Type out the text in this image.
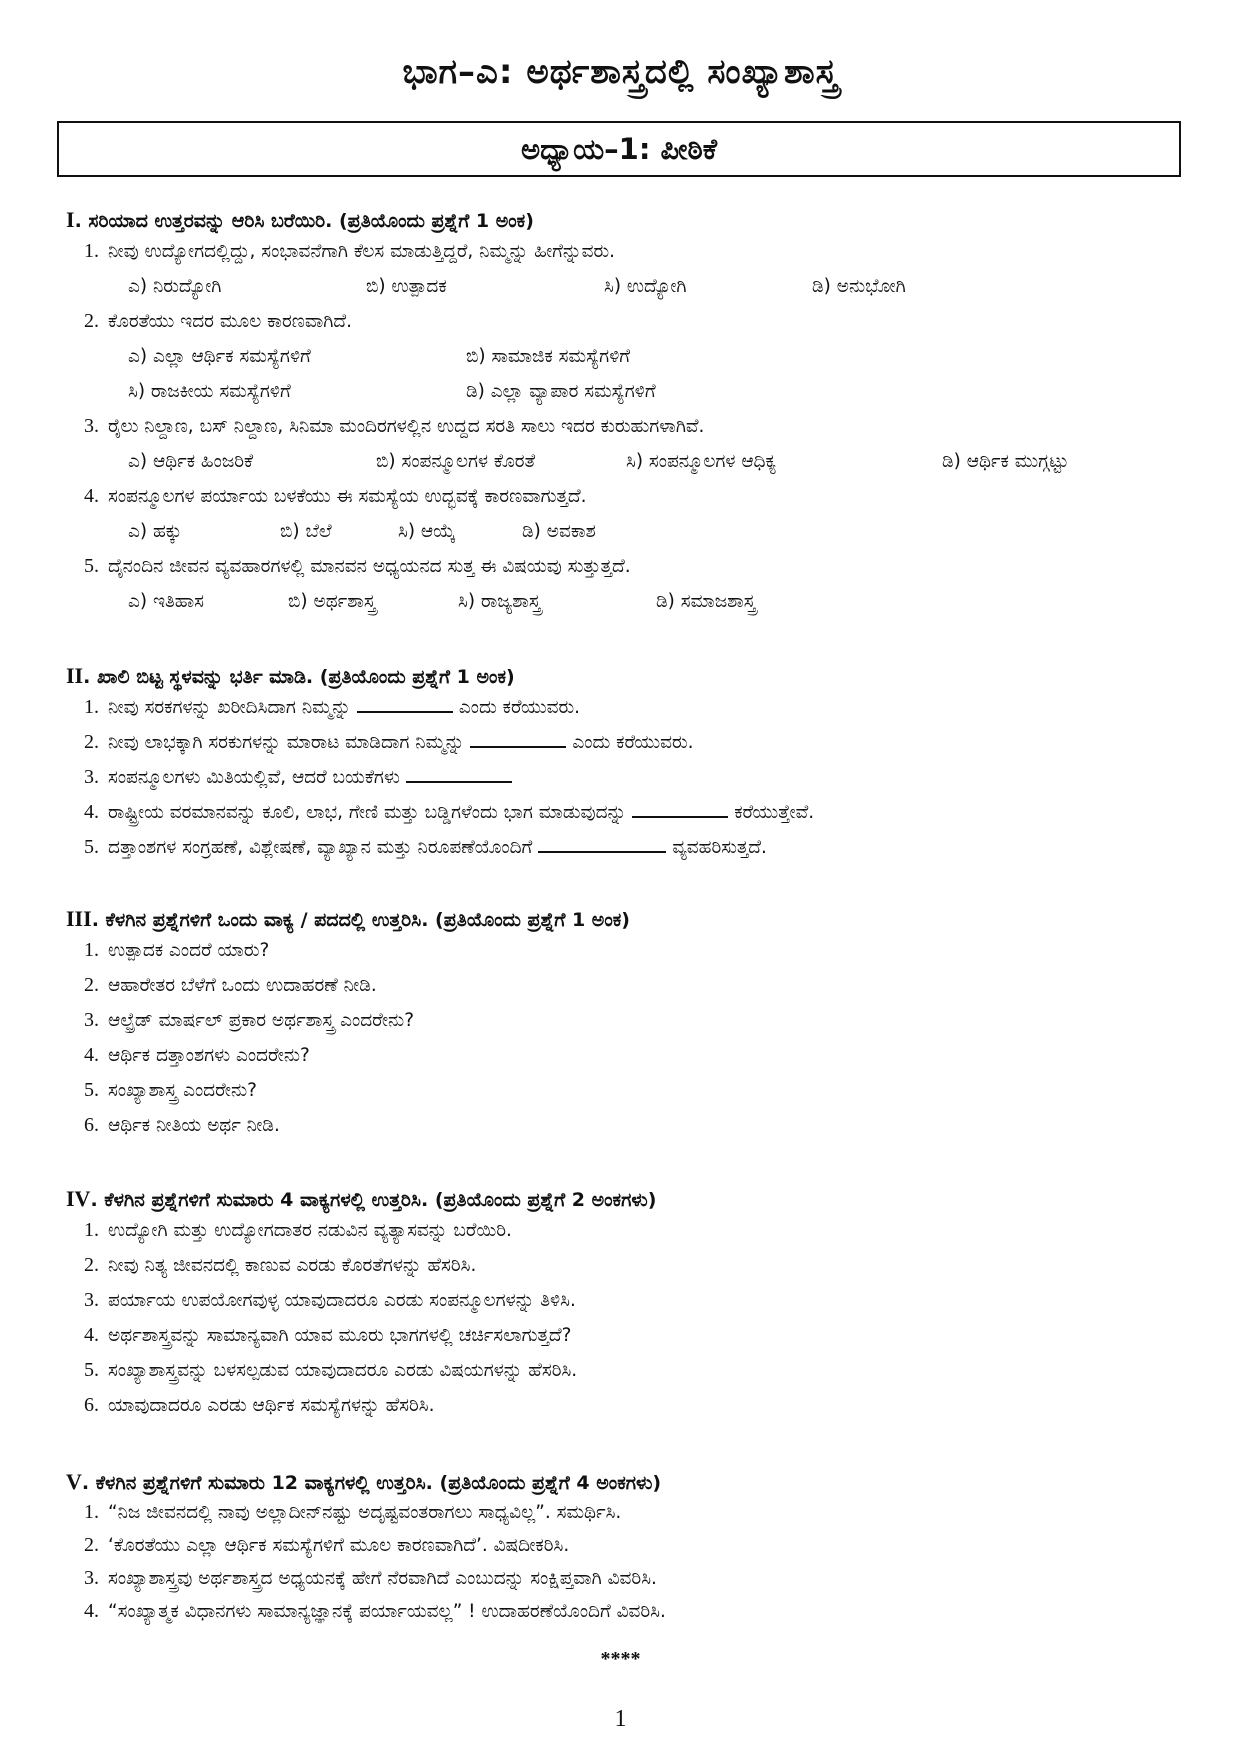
ಭಾಗ–ಎ: ಅರ್ಥಶಾಸ್ತ್ರದಲ್ಲಿ ಸಂಖ್ಯಾಶಾಸ್ತ್ರ
ಅಧ್ಯಾಯ–1: ಪೀಠಿಕೆ
I. ಸರಿಯಾದ ಉತ್ತರವನ್ನು ಆರಿಸಿ ಬರೆಯಿರಿ. (ಪ್ರತಿಯೊಂದು ಪ್ರಶ್ನೆಗೆ 1 ಅಂಕ)
1. ನೀವು ಉದ್ಯೋಗದಲ್ಲಿದ್ದು, ಸಂಭಾವನೆಗಾಗಿ ಕೆಲಸ ಮಾಡುತ್ತಿದ್ದರೆ, ನಿಮ್ಮನ್ನು ಹೀಗೆನ್ನುವರು.
ಎ) ನಿರುದ್ಯೋಗಿ	ಬಿ) ಉತ್ಪಾದಕ	ಸಿ) ಉದ್ಯೋಗಿ	ಡಿ) ಅನುಭೋಗಿ
2. ಕೊರತೆಯು ಇದರ ಮೂಲ ಕಾರಣವಾಗಿದೆ.
ಎ) ಎಲ್ಲಾ ಆರ್ಥಿಕ ಸಮಸ್ಯೆಗಳಿಗೆ	ಬಿ) ಸಾಮಾಜಿಕ ಸಮಸ್ಯೆಗಳಿಗೆ
ಸಿ) ರಾಜಕೀಯ ಸಮಸ್ಯೆಗಳಿಗೆ	ಡಿ) ಎಲ್ಲಾ ವ್ಯಾಪಾರ ಸಮಸ್ಯೆಗಳಿಗೆ
3. ರೈಲು ನಿಲ್ದಾಣ, ಬಸ್ ನಿಲ್ದಾಣ, ಸಿನಿಮಾ ಮಂದಿರಗಳಲ್ಲಿನ ಉದ್ದದ ಸರತಿ ಸಾಲು ಇದರ ಕುರುಹುಗಳಾಗಿವೆ.
ಎ) ಆರ್ಥಿಕ ಹಿಂಜರಿಕೆ	ಬಿ) ಸಂಪನ್ಮೂಲಗಳ ಕೊರತೆ	ಸಿ) ಸಂಪನ್ಮೂಲಗಳ ಆಧಿಕ್ಯ	ಡಿ) ಆರ್ಥಿಕ ಮುಗ್ಗಟ್ಟು
4. ಸಂಪನ್ಮೂಲಗಳ ಪರ್ಯಾಯ ಬಳಕೆಯು ಈ ಸಮಸ್ಯೆಯ ಉದ್ಭವಕ್ಕೆ ಕಾರಣವಾಗುತ್ತದೆ.
ಎ) ಹಕ್ಕು	ಬಿ) ಬೆಲೆ	ಸಿ) ಆಯ್ಕೆ	ಡಿ) ಅವಕಾಶ
5. ದೈನಂದಿನ ಜೀವನ ವ್ಯವಹಾರಗಳಲ್ಲಿ ಮಾನವನ ಅಧ್ಯಯನದ ಸುತ್ತ ಈ ವಿಷಯವು ಸುತ್ತುತ್ತದೆ.
ಎ) ಇತಿಹಾಸ	ಬಿ) ಅರ್ಥಶಾಸ್ತ್ರ	ಸಿ) ರಾಜ್ಯಶಾಸ್ತ್ರ	ಡಿ) ಸಮಾಜಶಾಸ್ತ್ರ
II. ಖಾಲಿ ಬಿಟ್ಟ ಸ್ಥಳವನ್ನು ಭರ್ತಿ ಮಾಡಿ. (ಪ್ರತಿಯೊಂದು ಪ್ರಶ್ನೆಗೆ 1 ಅಂಕ)
1. ನೀವು ಸರಕಗಳನ್ನು ಖರೀದಿಸಿದಾಗ ನಿಮ್ಮನ್ನು	ಎಂದು ಕರೆಯುವರು.
2. ನೀವು ಲಾಭಕ್ಕಾಗಿ ಸರಕುಗಳನ್ನು ಮಾರಾಟ ಮಾಡಿದಾಗ ನಿಮ್ಮನ್ನು	ಎಂದು ಕರೆಯುವರು.
3. ಸಂಪನ್ಮೂಲಗಳು ಮಿತಿಯಲ್ಲಿವೆ, ಆದರೆ ಬಯಕೆಗಳು
4. ರಾಷ್ಟ್ರೀಯ ವರಮಾನವನ್ನು ಕೂಲಿ, ಲಾಭ, ಗೇಣಿ ಮತ್ತು ಬಡ್ಡಿಗಳೆಂದು ಭಾಗ ಮಾಡುವುದನ್ನು	ಕರೆಯುತ್ತೇವೆ.
5. ದತ್ತಾಂಶಗಳ ಸಂಗ್ರಹಣೆ, ವಿಶ್ಲೇಷಣೆ, ವ್ಯಾಖ್ಯಾನ ಮತ್ತು ನಿರೂಪಣೆಯೊಂದಿಗೆ	ವ್ಯವಹರಿಸುತ್ತದೆ.
III. ಕೆಳಗಿನ ಪ್ರಶ್ನೆಗಳಿಗೆ ಒಂದು ವಾಕ್ಯ / ಪದದಲ್ಲಿ ಉತ್ತರಿಸಿ. (ಪ್ರತಿಯೊಂದು ಪ್ರಶ್ನೆಗೆ 1 ಅಂಕ)
1. ಉತ್ಪಾದಕ ಎಂದರೆ ಯಾರು?
2. ಆಹಾರೇತರ ಬೆಳೆಗೆ ಒಂದು ಉದಾಹರಣೆ ನೀಡಿ.
3. ಆಲ್ಫ್ರೆಡ್ ಮಾರ್ಷಲ್ ಪ್ರಕಾರ ಅರ್ಥಶಾಸ್ತ್ರ ಎಂದರೇನು?
4. ಆರ್ಥಿಕ ದತ್ತಾಂಶಗಳು ಎಂದರೇನು?
5. ಸಂಖ್ಯಾಶಾಸ್ತ್ರ ಎಂದರೇನು?
6. ಆರ್ಥಿಕ ನೀತಿಯ ಅರ್ಥ ನೀಡಿ.
IV. ಕೆಳಗಿನ ಪ್ರಶ್ನೆಗಳಿಗೆ ಸುಮಾರು 4 ವಾಕ್ಯಗಳಲ್ಲಿ ಉತ್ತರಿಸಿ. (ಪ್ರತಿಯೊಂದು ಪ್ರಶ್ನೆಗೆ 2 ಅಂಕಗಳು)
1. ಉದ್ಯೋಗಿ ಮತ್ತು ಉದ್ಯೋಗದಾತರ ನಡುವಿನ ವ್ಯತ್ಯಾಸವನ್ನು ಬರೆಯಿರಿ.
2. ನೀವು ನಿತ್ಯ ಜೀವನದಲ್ಲಿ ಕಾಣುವ ಎರಡು ಕೊರತೆಗಳನ್ನು ಹೆಸರಿಸಿ.
3. ಪರ್ಯಾಯ ಉಪಯೋಗವುಳ್ಳ ಯಾವುದಾದರೂ ಎರಡು ಸಂಪನ್ಮೂಲಗಳನ್ನು ತಿಳಿಸಿ.
4. ಅರ್ಥಶಾಸ್ತ್ರವನ್ನು ಸಾಮಾನ್ಯವಾಗಿ ಯಾವ ಮೂರು ಭಾಗಗಳಲ್ಲಿ ಚರ್ಚಿಸಲಾಗುತ್ತದೆ?
5. ಸಂಖ್ಯಾಶಾಸ್ತ್ರವನ್ನು ಬಳಸಲ್ಪಡುವ ಯಾವುದಾದರೂ ಎರಡು ವಿಷಯಗಳನ್ನು ಹೆಸರಿಸಿ.
6. ಯಾವುದಾದರೂ ಎರಡು ಆರ್ಥಿಕ ಸಮಸ್ಯೆಗಳನ್ನು ಹೆಸರಿಸಿ.
V. ಕೆಳಗಿನ ಪ್ರಶ್ನೆಗಳಿಗೆ ಸುಮಾರು 12 ವಾಕ್ಯಗಳಲ್ಲಿ ಉತ್ತರಿಸಿ. (ಪ್ರತಿಯೊಂದು ಪ್ರಶ್ನೆಗೆ 4 ಅಂಕಗಳು)
1. “ನಿಜ ಜೀವನದಲ್ಲಿ ನಾವು ಅಲ್ಲಾದೀನ್‌ನಷ್ಟು ಅದೃಷ್ಟವಂತರಾಗಲು ಸಾಧ್ಯವಿಲ್ಲ”. ಸಮರ್ಥಿಸಿ.
2. ‘ಕೊರತೆಯು ಎಲ್ಲಾ ಆರ್ಥಿಕ ಸಮಸ್ಯೆಗಳಿಗೆ ಮೂಲ ಕಾರಣವಾಗಿದೆ’. ವಿಷದೀಕರಿಸಿ.
3. ಸಂಖ್ಯಾಶಾಸ್ತ್ರವು ಅರ್ಥಶಾಸ್ತ್ರದ ಅಧ್ಯಯನಕ್ಕೆ ಹೇಗೆ ನೆರವಾಗಿದೆ ಎಂಬುದನ್ನು ಸಂಕ್ಷಿಪ್ತವಾಗಿ ವಿವರಿಸಿ.
4. “ಸಂಖ್ಯಾತ್ಮಕ ವಿಧಾನಗಳು ಸಾಮಾನ್ಯಜ್ಞಾನಕ್ಕೆ ಪರ್ಯಾಯವಲ್ಲ” ! ಉದಾಹರಣೆಯೊಂದಿಗೆ ವಿವರಿಸಿ.
****
1
